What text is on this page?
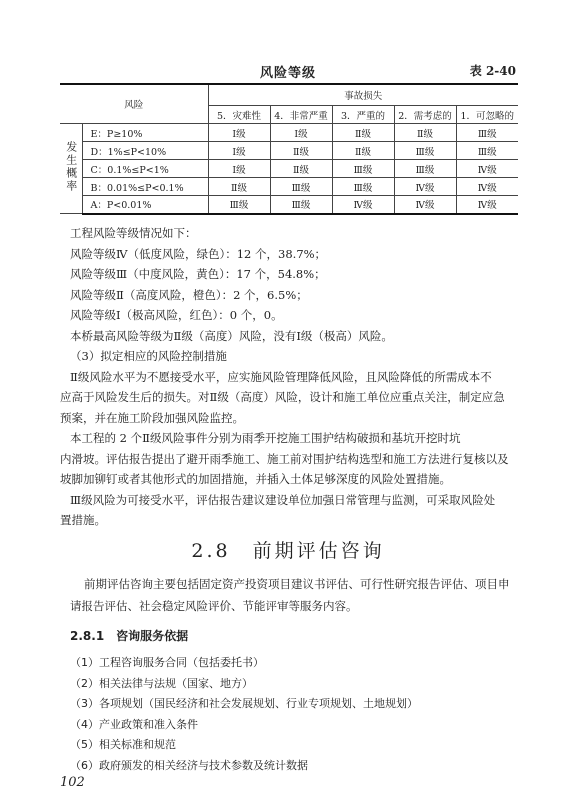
风险等级	表 2-40
风险		事故损失				
		5．灾难性	4．非常严重	3．严重的	2．需考虑的	1．可忽略的
发生概率	E：P≥10%	Ⅰ级	Ⅰ级	Ⅱ级	Ⅱ级	Ⅲ级
	D：1%≤P<10%	Ⅰ级	Ⅱ级	Ⅱ级	Ⅲ级	Ⅲ级
	C：0.1%≤P<1%	Ⅰ级	Ⅱ级	Ⅲ级	Ⅲ级	Ⅳ级
	B：0.01%≤P<0.1%	Ⅱ级	Ⅲ级	Ⅲ级	Ⅳ级	Ⅳ级
	A：P<0.01%	Ⅲ级	Ⅲ级	Ⅳ级	Ⅳ级	Ⅳ级
工程风险等级情况如下：
风险等级Ⅳ（低度风险，绿色）：12 个，38.7%；
风险等级Ⅲ（中度风险，黄色）：17 个，54.8%；
风险等级Ⅱ（高度风险，橙色）：2 个，6.5%；
风险等级Ⅰ（极高风险，红色）：0 个，0。
本桥最高风险等级为Ⅱ级（高度）风险，没有Ⅰ级（极高）风险。
（3）拟定相应的风险控制措施
Ⅱ级风险水平为不愿接受水平，应实施风险管理降低风险，且风险降低的所需成本不
应高于风险发生后的损失。对Ⅱ级（高度）风险，设计和施工单位应重点关注，制定应急
预案，并在施工阶段加强风险监控。
本工程的 2 个Ⅱ级风险事件分别为雨季开挖施工围护结构破损和基坑开挖时坑
内滑坡。评估报告提出了避开雨季施工、施工前对围护结构选型和施工方法进行复核以及
坡脚加铆钉或者其他形式的加固措施，并插入土体足够深度的风险处置措施。
Ⅲ级风险为可接受水平，评估报告建议建设单位加强日常管理与监测，可采取风险处
置措施。
2.8　前期评估咨询
前期评估咨询主要包括固定资产投资项目建议书评估、可行性研究报告评估、项目申
请报告评估、社会稳定风险评价、节能评审等服务内容。
2.8.1　咨询服务依据
（1）工程咨询服务合同（包括委托书）
（2）相关法律与法规（国家、地方）
（3）各项规划（国民经济和社会发展规划、行业专项规划、土地规划）
（4）产业政策和准入条件
（5）相关标准和规范
（6）政府颁发的相关经济与技术参数及统计数据
102
